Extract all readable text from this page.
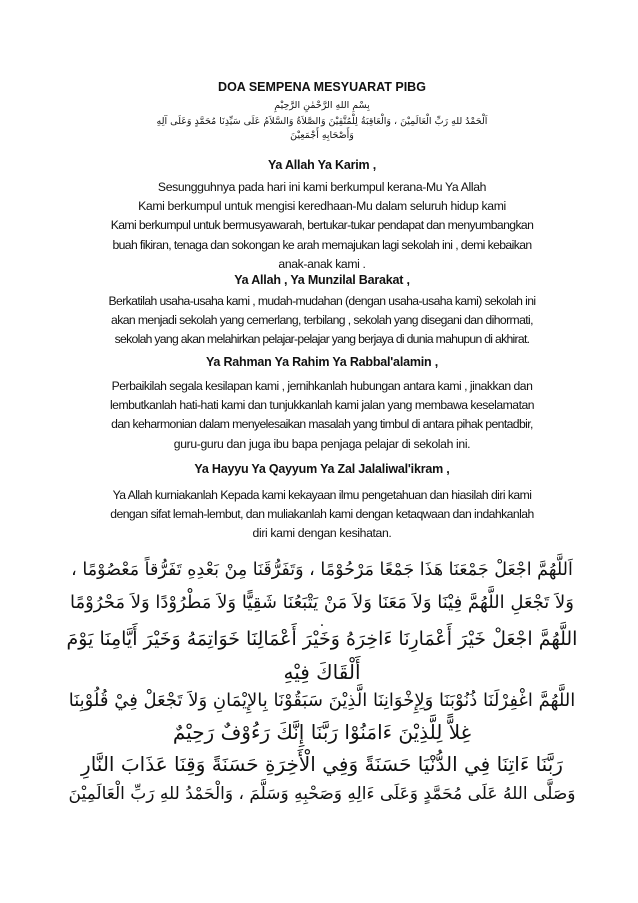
DOA SEMPENA MESYUARAT PIBG
بِسْمِ اللهِ الرَّحْمٰنِ الرَّحِيْمِ
اَلْحَمْدُ للهِ رَبِّ الْعَالَمِيْنَ ، وَالْعَاقِبَةُ لِلْمُتَّقِيْنَ وَالصَّلاَةُ وَالسَّلاَمُ عَلَى سَيِّدِنَا مُحَمَّدٍ وَعَلَى آلِهِ
وَأَصْحَابِهِ أَجْمَعِيْنَ
Ya Allah Ya Karim ,
Sesungguhnya pada hari ini kami berkumpul kerana-Mu Ya Allah
Kami berkumpul untuk mengisi keredhaan-Mu dalam seluruh hidup kami
Kami berkumpul untuk bermusyawarah, bertukar-tukar pendapat dan menyumbangkan
buah fikiran, tenaga dan sokongan ke arah memajukan lagi sekolah ini , demi kebaikan
anak-anak kami .
Ya Allah , Ya Munzilal Barakat ,
Berkatilah usaha-usaha kami , mudah-mudahan (dengan usaha-usaha kami) sekolah ini
akan menjadi sekolah yang cemerlang, terbilang , sekolah yang disegani dan dihormati,
sekolah yang akan melahirkan pelajar-pelajar yang berjaya di dunia mahupun di akhirat.
Ya Rahman Ya Rahim Ya Rabbal'alamin ,
Perbaikilah segala kesilapan kami , jernihkanlah hubungan antara kami , jinakkan dan
lembutkanlah hati-hati kami dan tunjukkanlah kami jalan yang membawa keselamatan
dan keharmonian dalam menyelesaikan masalah yang timbul di antara pihak pentadbir,
guru-guru dan juga ibu bapa penjaga pelajar di sekolah ini.
Ya Hayyu Ya Qayyum Ya Zal Jalaliwal'ikram ,
Ya Allah kurniakanlah Kepada kami kekayaan ilmu pengetahuan dan hiasilah diri kami
dengan sifat lemah-lembut, dan muliakanlah kami dengan ketaqwaan dan indahkanlah
diri kami dengan kesihatan.
اَللَّهُمَّ اجْعَلْ جَمْعَنَا هَذَا جَمْعًا مَرْحُوْمًا ، وَتَفَرُّقَنَا مِنْ بَعْدِهِ تَفَرُّقاً مَعْصُوْمًا ،
وَلاَ تَجْعَلِ اللَّهُمَّ فِيْنَا وَلاَ مَعَنَا وَلاَ مَنْ يَتْبَعُنَا شَقِيًّا وَلاَ مَطْرُوْدًا وَلاَ مَحْرُوْمًا
.
اللَّهُمَّ اجْعَلْ خَيْرَ أَعْمَارِنَا ءَاخِرَهُ وَخَيْرَ أَعْمَالِنَا خَوَاتِمَهُ وَخَيْرَ أَيَّامِنَا يَوْمَ
أَلْقَاكَ فِيْهِ
اللَّهُمَّ اغْفِرْلَنَا ذُنُوْبَنَا وَلِإِخْوَانِنَا الَّذِيْنَ سَبَقُوْنَا بِالإِيْمَانِ وَلاَ تَجْعَلْ فِيْ قُلُوْبِنَا
غِلاًّ لِلَّذِيْنَ ءَامَنُوْا رَبَّنَا إِنَّكَ رَءُوْفٌ رَحِيْمٌ
رَبَّنَا ءَاتِنَا فِي الدُّنْيَا حَسَنَةً وَفِي الْأَخِرَةِ حَسَنَةً وَقِنَا عَذَابَ النَّارِ
وَصَلَّى اللهُ عَلَى مُحَمَّدٍ وَعَلَى ءَالِهِ وَصَحْبِهِ وَسَلَّمَ ، وَالْحَمْدُ للهِ رَبِّ الْعَالَمِيْنَ
